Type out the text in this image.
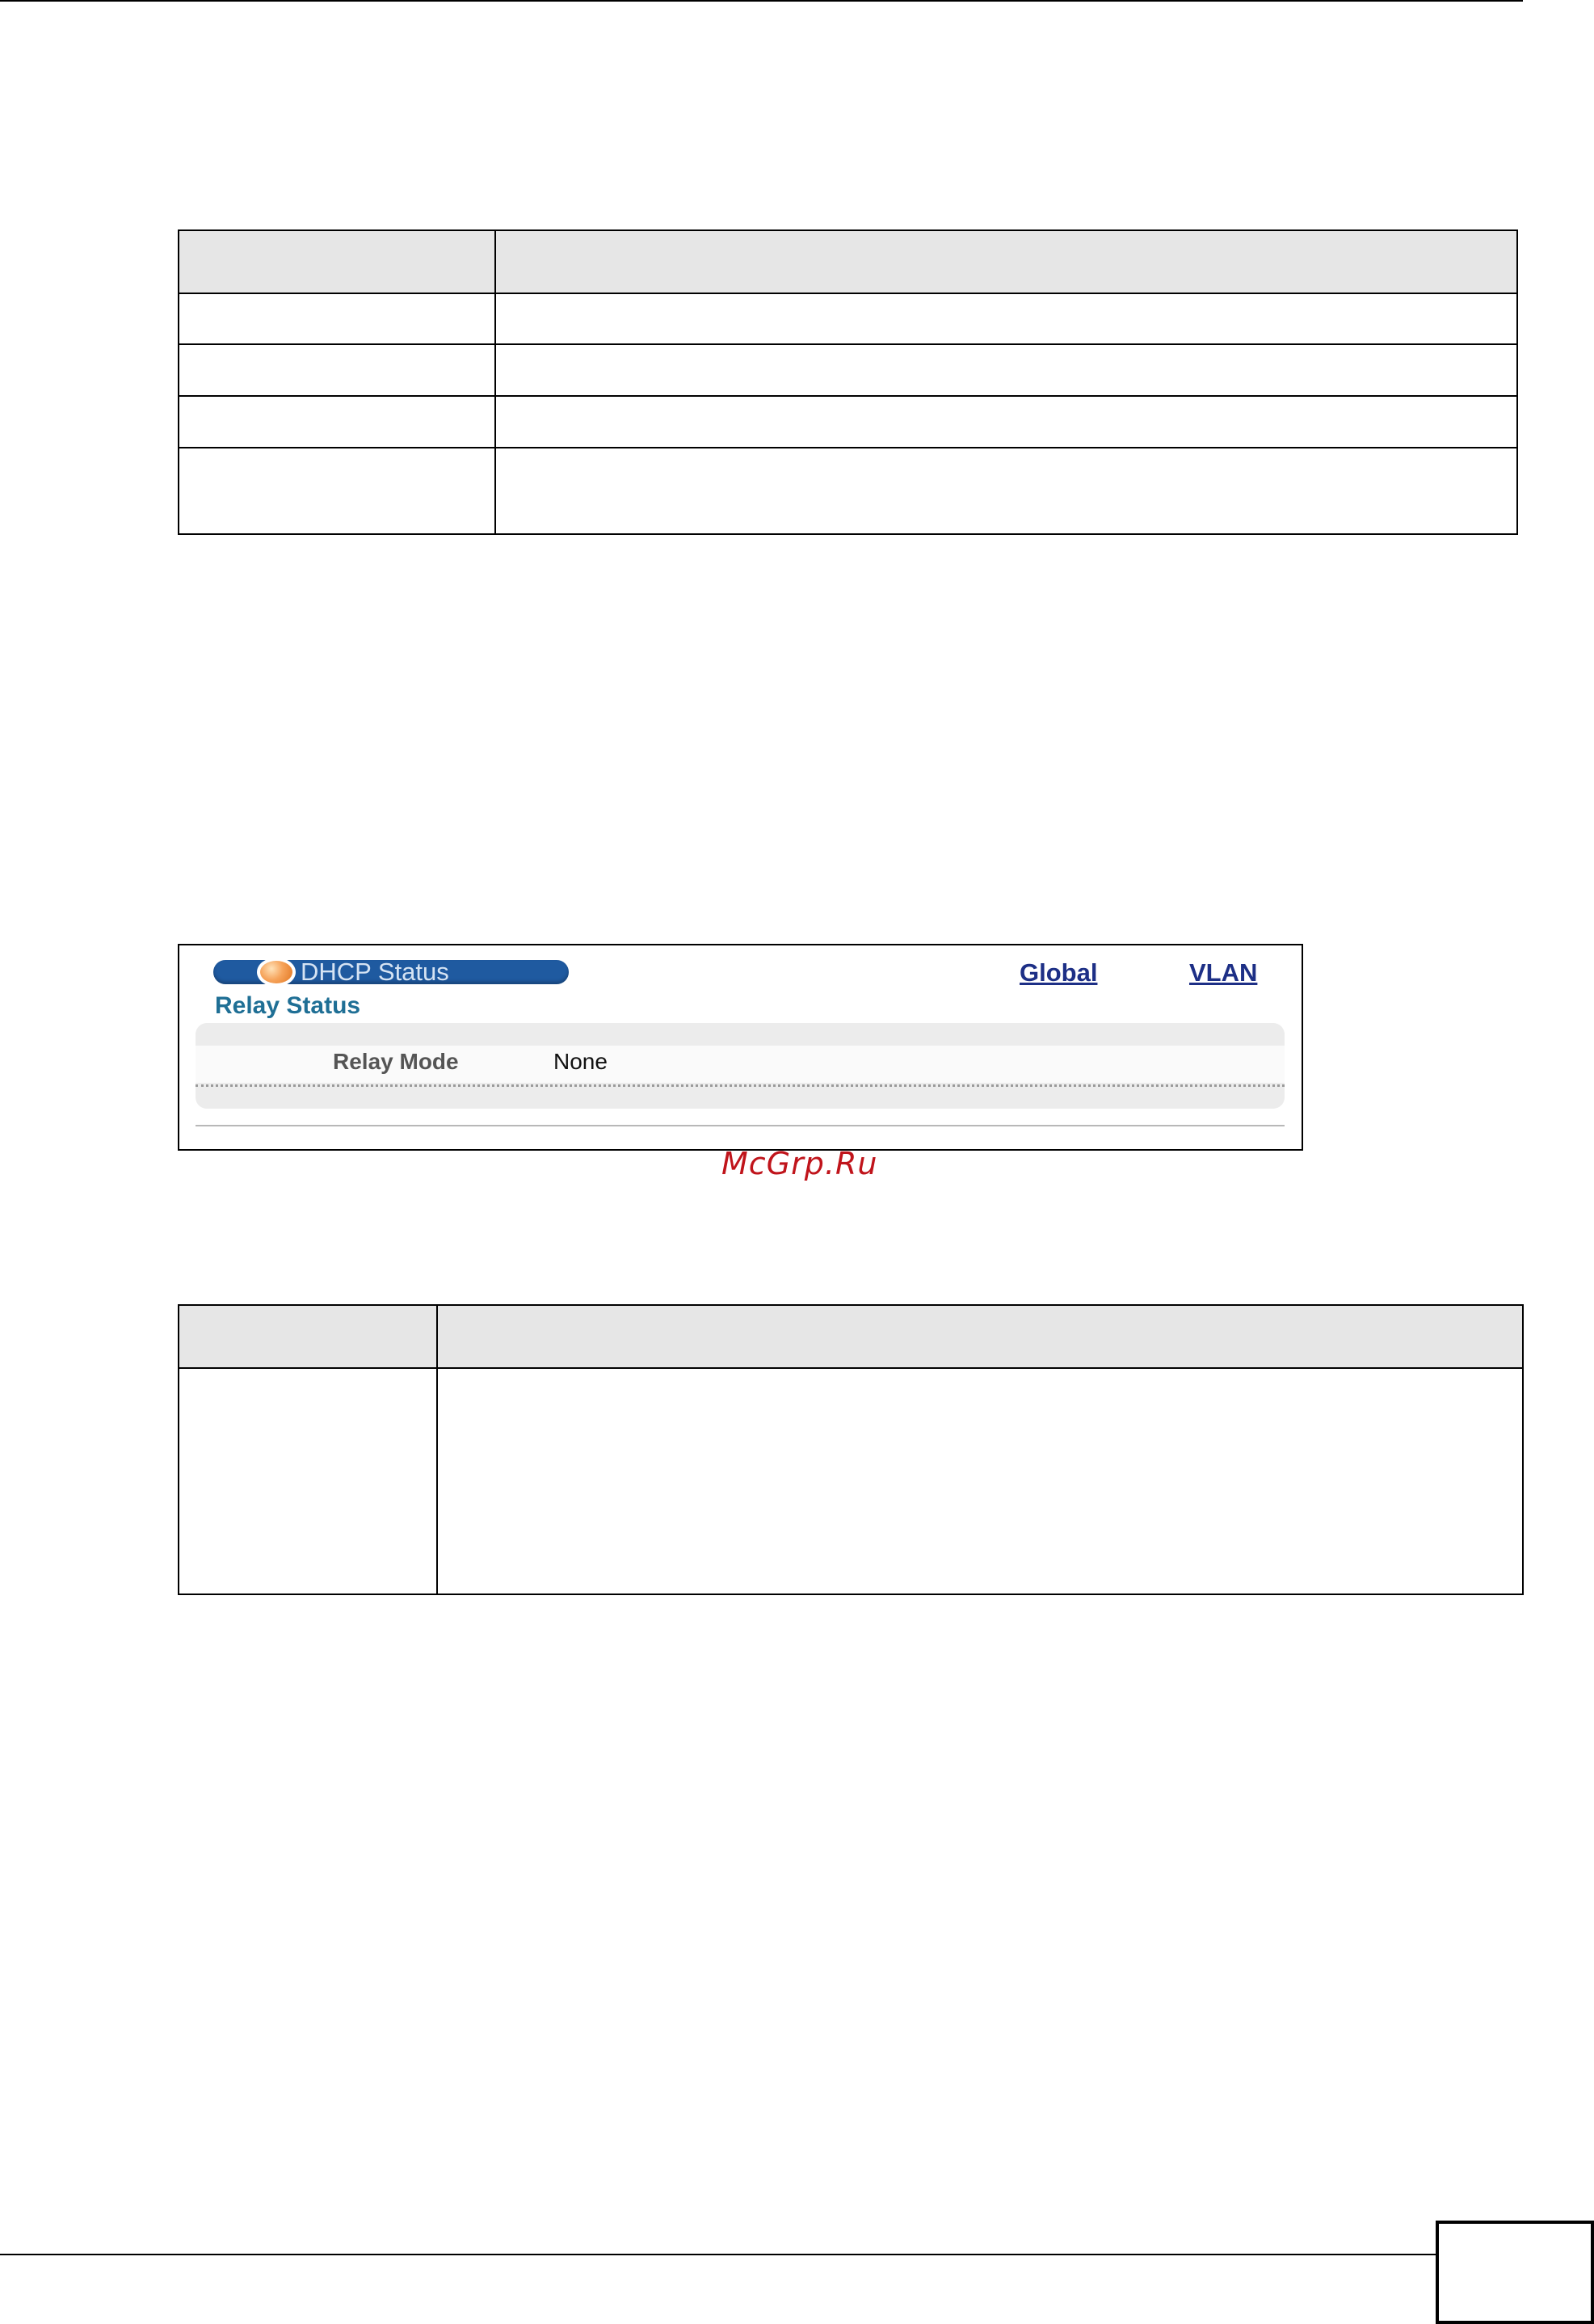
DHCP Status
Relay Status
Global	VLAN
Relay Mode	None
McGrp.Ru
